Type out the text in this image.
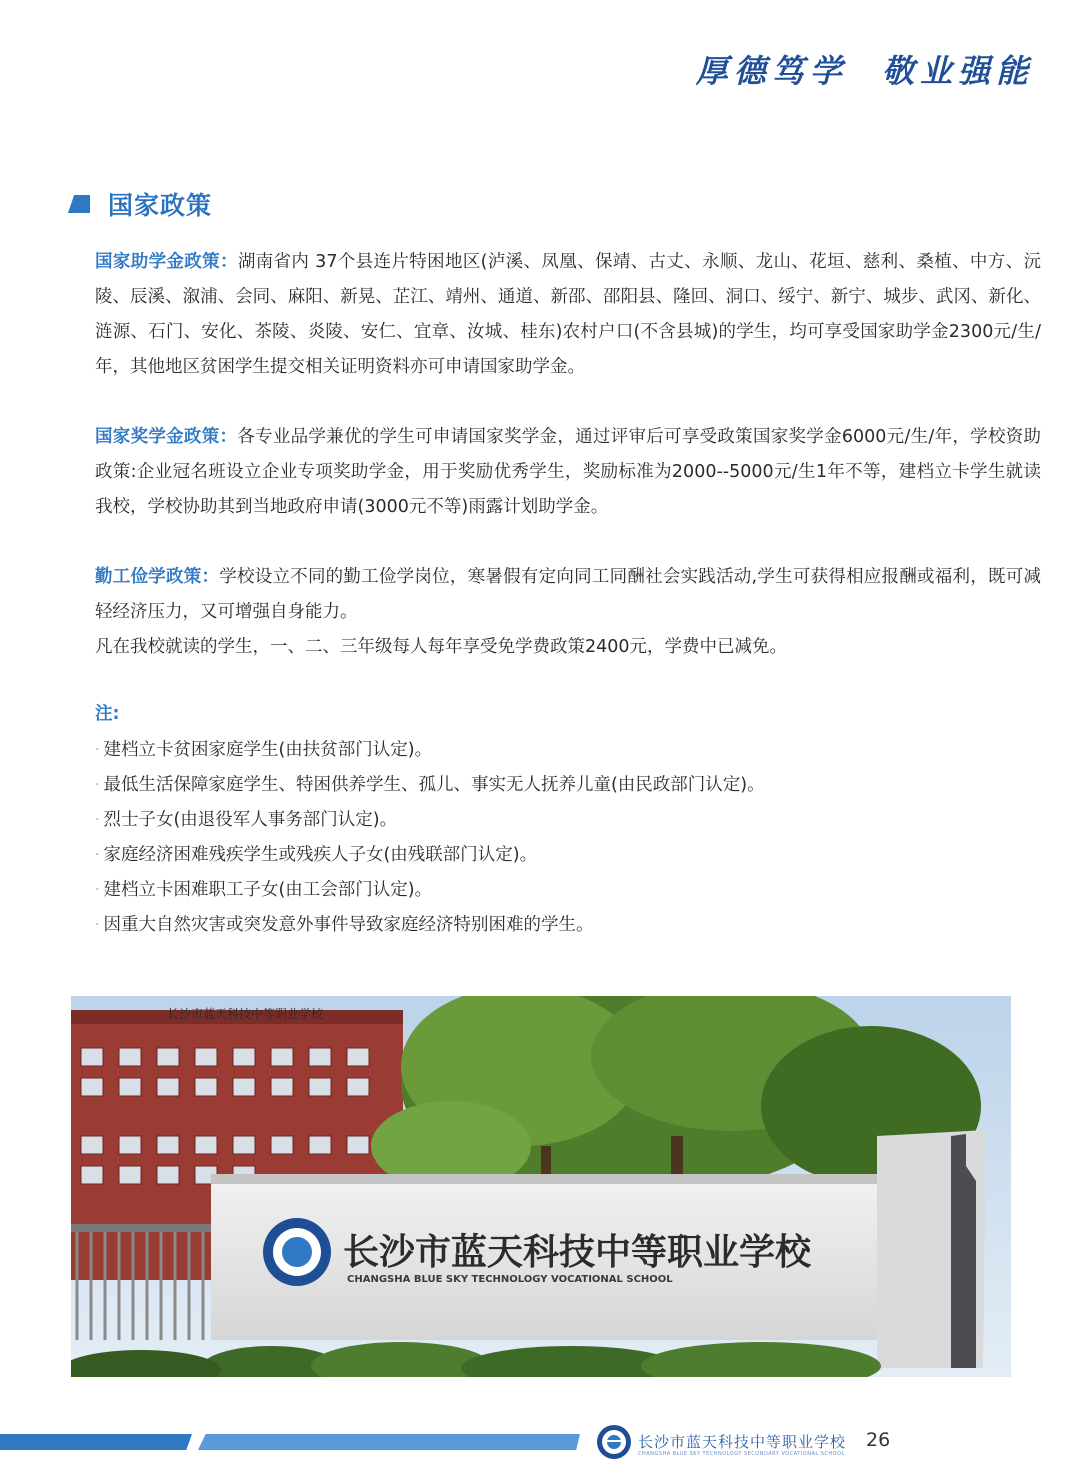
厚德笃学  敬业强能
国家政策
国家助学金政策：湖南省内 37个县连片特困地区(泸溪、凤凰、保靖、古丈、永顺、龙山、花垣、慈利、桑植、中方、沅陵、辰溪、溆浦、会同、麻阳、新晃、芷江、靖州、通道、新邵、邵阳县、隆回、洞口、绥宁、新宁、城步、武冈、新化、涟源、石门、安化、茶陵、炎陵、安仁、宜章、汝城、桂东)农村户口(不含县城)的学生，均可享受国家助学金2300元/生/年，其他地区贫困学生提交相关证明资料亦可申请国家助学金。
国家奖学金政策：各专业品学兼优的学生可申请国家奖学金，通过评审后可享受政策国家奖学金6000元/生/年，学校资助政策:企业冠名班设立企业专项奖助学金，用于奖励优秀学生，奖励标准为2000--5000元/生1年不等，建档立卡学生就读我校，学校协助其到当地政府申请(3000元不等)雨露计划助学金。
勤工俭学政策：学校设立不同的勤工俭学岗位，寒暑假有定向同工同酬社会实践活动,学生可获得相应报酬或福利，既可减轻经济压力，又可增强自身能力。
凡在我校就读的学生，一、二、三年级每人每年享受免学费政策2400元，学费中已减免。
注:
· 建档立卡贫困家庭学生(由扶贫部门认定)。
· 最低生活保障家庭学生、特困供养学生、孤儿、事实无人抚养儿童(由民政部门认定)。
· 烈士子女(由退役军人事务部门认定)。
· 家庭经济困难残疾学生或残疾人子女(由残联部门认定)。
· 建档立卡困难职工子女(由工会部门认定)。
· 因重大自然灾害或突发意外事件导致家庭经济特别困难的学生。
长沙市蓝天科技中等职业学校
长沙市蓝天科技中等职业学校
CHANGSHA BLUE SKY TECHNOLOGY VOCATIONAL SCHOOL
长沙市蓝天科技中等职业学校
CHANGSHA BLUE SKY TECHNOLOGY SECONDARY VOCATIONAL SCHOOL
26
